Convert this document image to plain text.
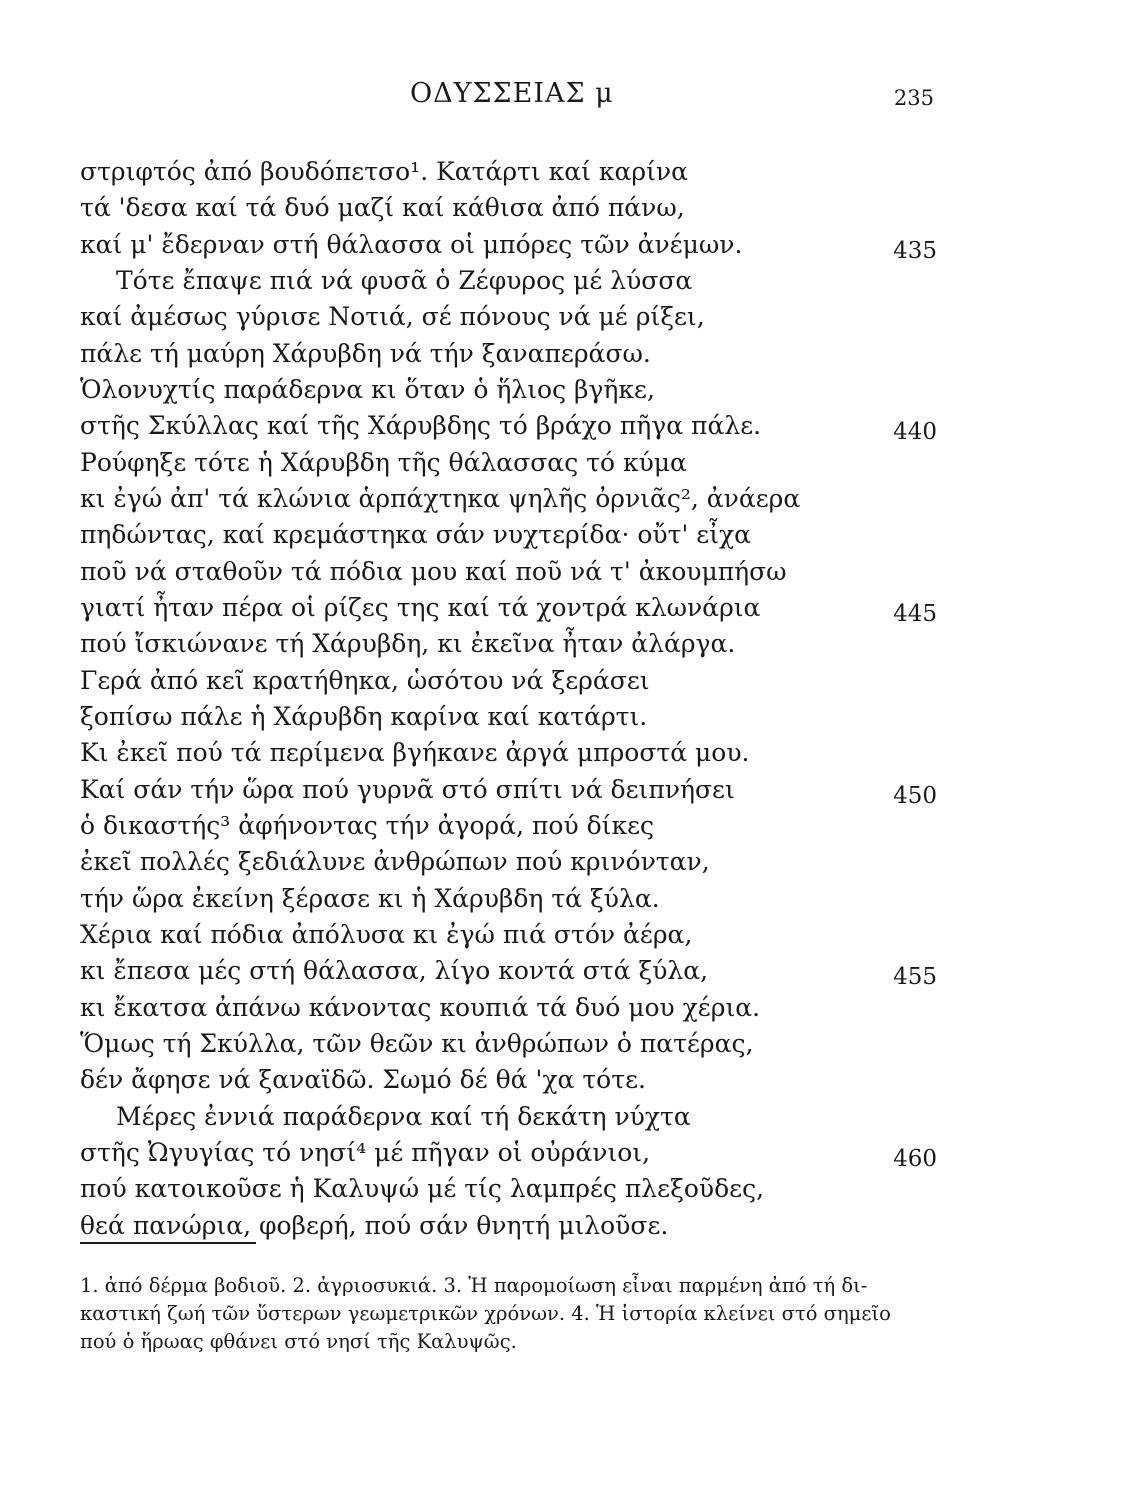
ΟΔΥΣΣΕΙΑΣ μ	235
στριφτός ἀπό βουδόπετσο¹. Κατάρτι καί καρίνα
τά 'δεσα καί τά δυό μαζί καί κάθισα ἀπό πάνω,
καί μ' ἔδερναν στή θάλασσα οἱ μπόρες τῶν ἀνέμων.	435
Τότε ἔπαψε πιά νά φυσᾶ ὁ Ζέφυρος μέ λύσσα
καί ἀμέσως γύρισε Νοτιά, σέ πόνους νά μέ ρίξει,
πάλε τή μαύρη Χάρυβδη νά τήν ξαναπεράσω.
Ὁλονυχτίς παράδερνα κι ὅταν ὁ ἥλιος βγῆκε,
στῆς Σκύλλας καί τῆς Χάρυβδης τό βράχο πῆγα πάλε.	440
Ρούφηξε τότε ἡ Χάρυβδη τῆς θάλασσας τό κύμα
κι ἐγώ ἀπ' τά κλώνια ἁρπάχτηκα ψηλῆς ὀρνιᾶς², ἀνάερα
πηδώντας, καί κρεμάστηκα σάν νυχτερίδα· οὔτ' εἶχα
ποῦ νά σταθοῦν τά πόδια μου καί ποῦ νά τ' ἀκουμπήσω
γιατί ἦταν πέρα οἱ ρίζες της καί τά χοντρά κλωνάρια	445
πού ἴσκιώνανε τή Χάρυβδη, κι ἐκεῖνα ἦταν ἀλάργα.
Γερά ἀπό κεῖ κρατήθηκα, ὡσότου νά ξεράσει
ξοπίσω πάλε ἡ Χάρυβδη καρίνα καί κατάρτι.
Κι ἐκεῖ πού τά περίμενα βγήκανε ἀργά μπροστά μου.
Καί σάν τήν ὥρα πού γυρνᾶ στό σπίτι νά δειπνήσει	450
ὁ δικαστής³ ἀφήνοντας τήν ἀγορά, πού δίκες
ἐκεῖ πολλές ξεδιάλυνε ἀνθρώπων πού κρινόνταν,
τήν ὥρα ἐκείνη ξέρασε κι ἡ Χάρυβδη τά ξύλα.
Χέρια καί πόδια ἀπόλυσα κι ἐγώ πιά στόν ἀέρα,
κι ἔπεσα μές στή θάλασσα, λίγο κοντά στά ξύλα,	455
κι ἔκατσα ἀπάνω κάνοντας κουπιά τά δυό μου χέρια.
Ὅμως τή Σκύλλα, τῶν θεῶν κι ἀνθρώπων ὁ πατέρας,
δέν ἄφησε νά ξαναϊδῶ. Σωμό δέ θά 'χα τότε.
Μέρες ἐννιά παράδερνα καί τή δεκάτη νύχτα
στῆς Ὠγυγίας τό νησί⁴ μέ πῆγαν οἱ οὐράνιοι,	460
πού κατοικοῦσε ἡ Καλυψώ μέ τίς λαμπρές πλεξοῦδες,
θεά πανώρια, φοβερή, πού σάν θνητή μιλοῦσε.
1. ἀπό δέρμα βοδιοῦ. 2. ἀγριοσυκιά. 3. Ἡ παρομοίωση εἶναι παρμένη ἀπό τή δι-
καστική ζωή τῶν ὕστερων γεωμετρικῶν χρόνων. 4. Ἡ ἱστορία κλείνει στό σημεῖο
πού ὁ ἥρωας φθάνει στό νησί τῆς Καλυψῶς.
